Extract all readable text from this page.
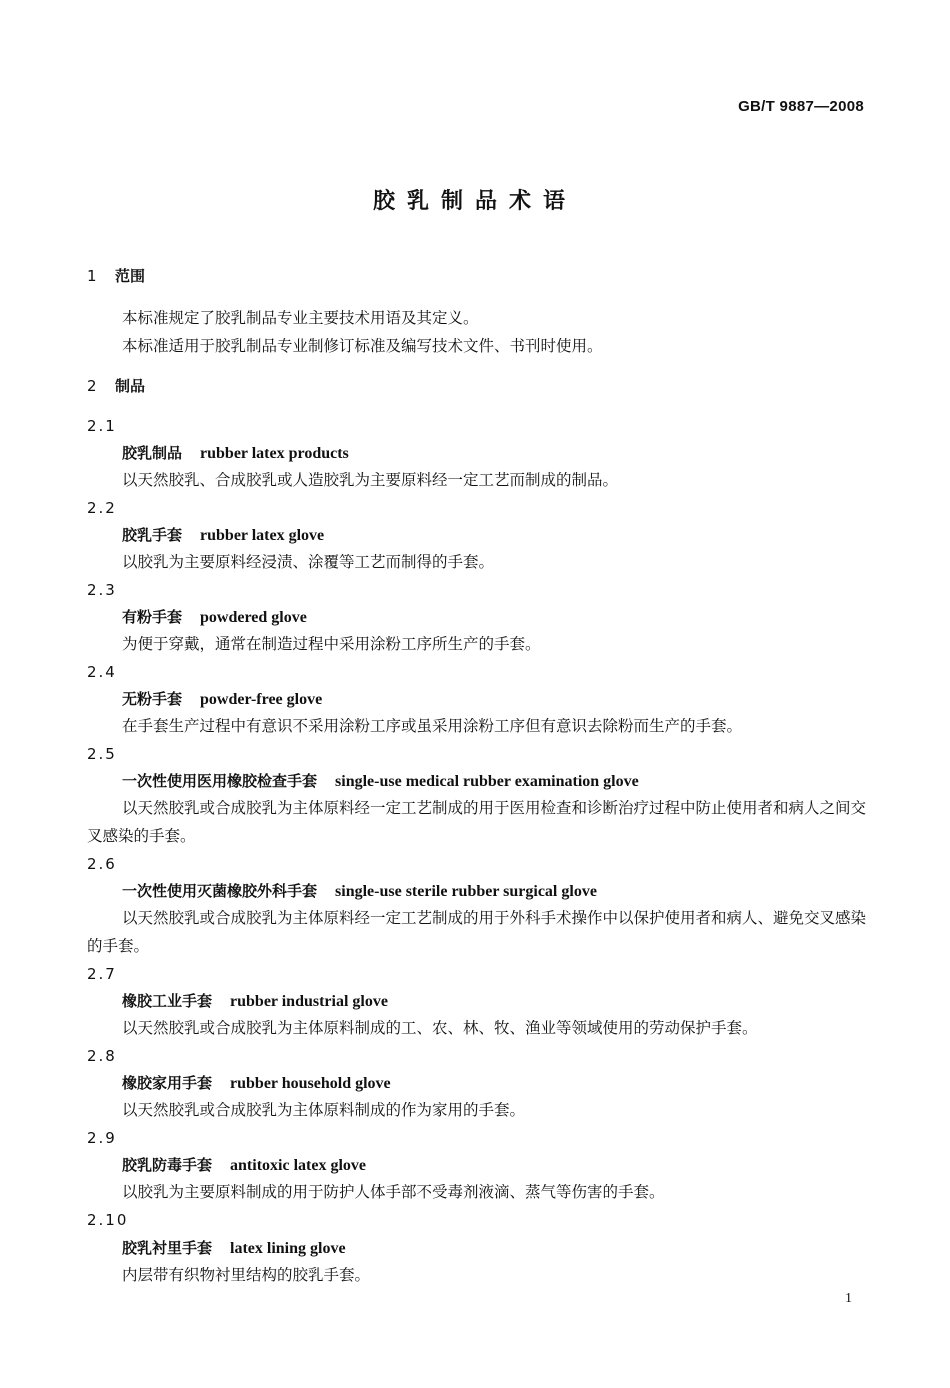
GB/T 9887—2008
胶乳制品术语
1 范围
本标准规定了胶乳制品专业主要技术用语及其定义。
本标准适用于胶乳制品专业制修订标准及编写技术文件、书刊时使用。
2 制品
2.1
胶乳制品 rubber latex products
以天然胶乳、合成胶乳或人造胶乳为主要原料经一定工艺而制成的制品。
2.2
胶乳手套 rubber latex glove
以胶乳为主要原料经浸渍、涂覆等工艺而制得的手套。
2.3
有粉手套 powdered glove
为便于穿戴，通常在制造过程中采用涂粉工序所生产的手套。
2.4
无粉手套 powder-free glove
在手套生产过程中有意识不采用涂粉工序或虽采用涂粉工序但有意识去除粉而生产的手套。
2.5
一次性使用医用橡胶检查手套 single-use medical rubber examination glove
以天然胶乳或合成胶乳为主体原料经一定工艺制成的用于医用检查和诊断治疗过程中防止使用者和病人之间交叉感染的手套。
2.6
一次性使用灭菌橡胶外科手套 single-use sterile rubber surgical glove
以天然胶乳或合成胶乳为主体原料经一定工艺制成的用于外科手术操作中以保护使用者和病人、避免交叉感染的手套。
2.7
橡胶工业手套 rubber industrial glove
以天然胶乳或合成胶乳为主体原料制成的工、农、林、牧、渔业等领域使用的劳动保护手套。
2.8
橡胶家用手套 rubber household glove
以天然胶乳或合成胶乳为主体原料制成的作为家用的手套。
2.9
胶乳防毒手套 antitoxic latex glove
以胶乳为主要原料制成的用于防护人体手部不受毒剂液滴、蒸气等伤害的手套。
2.10
胶乳衬里手套 latex lining glove
内层带有织物衬里结构的胶乳手套。
1
